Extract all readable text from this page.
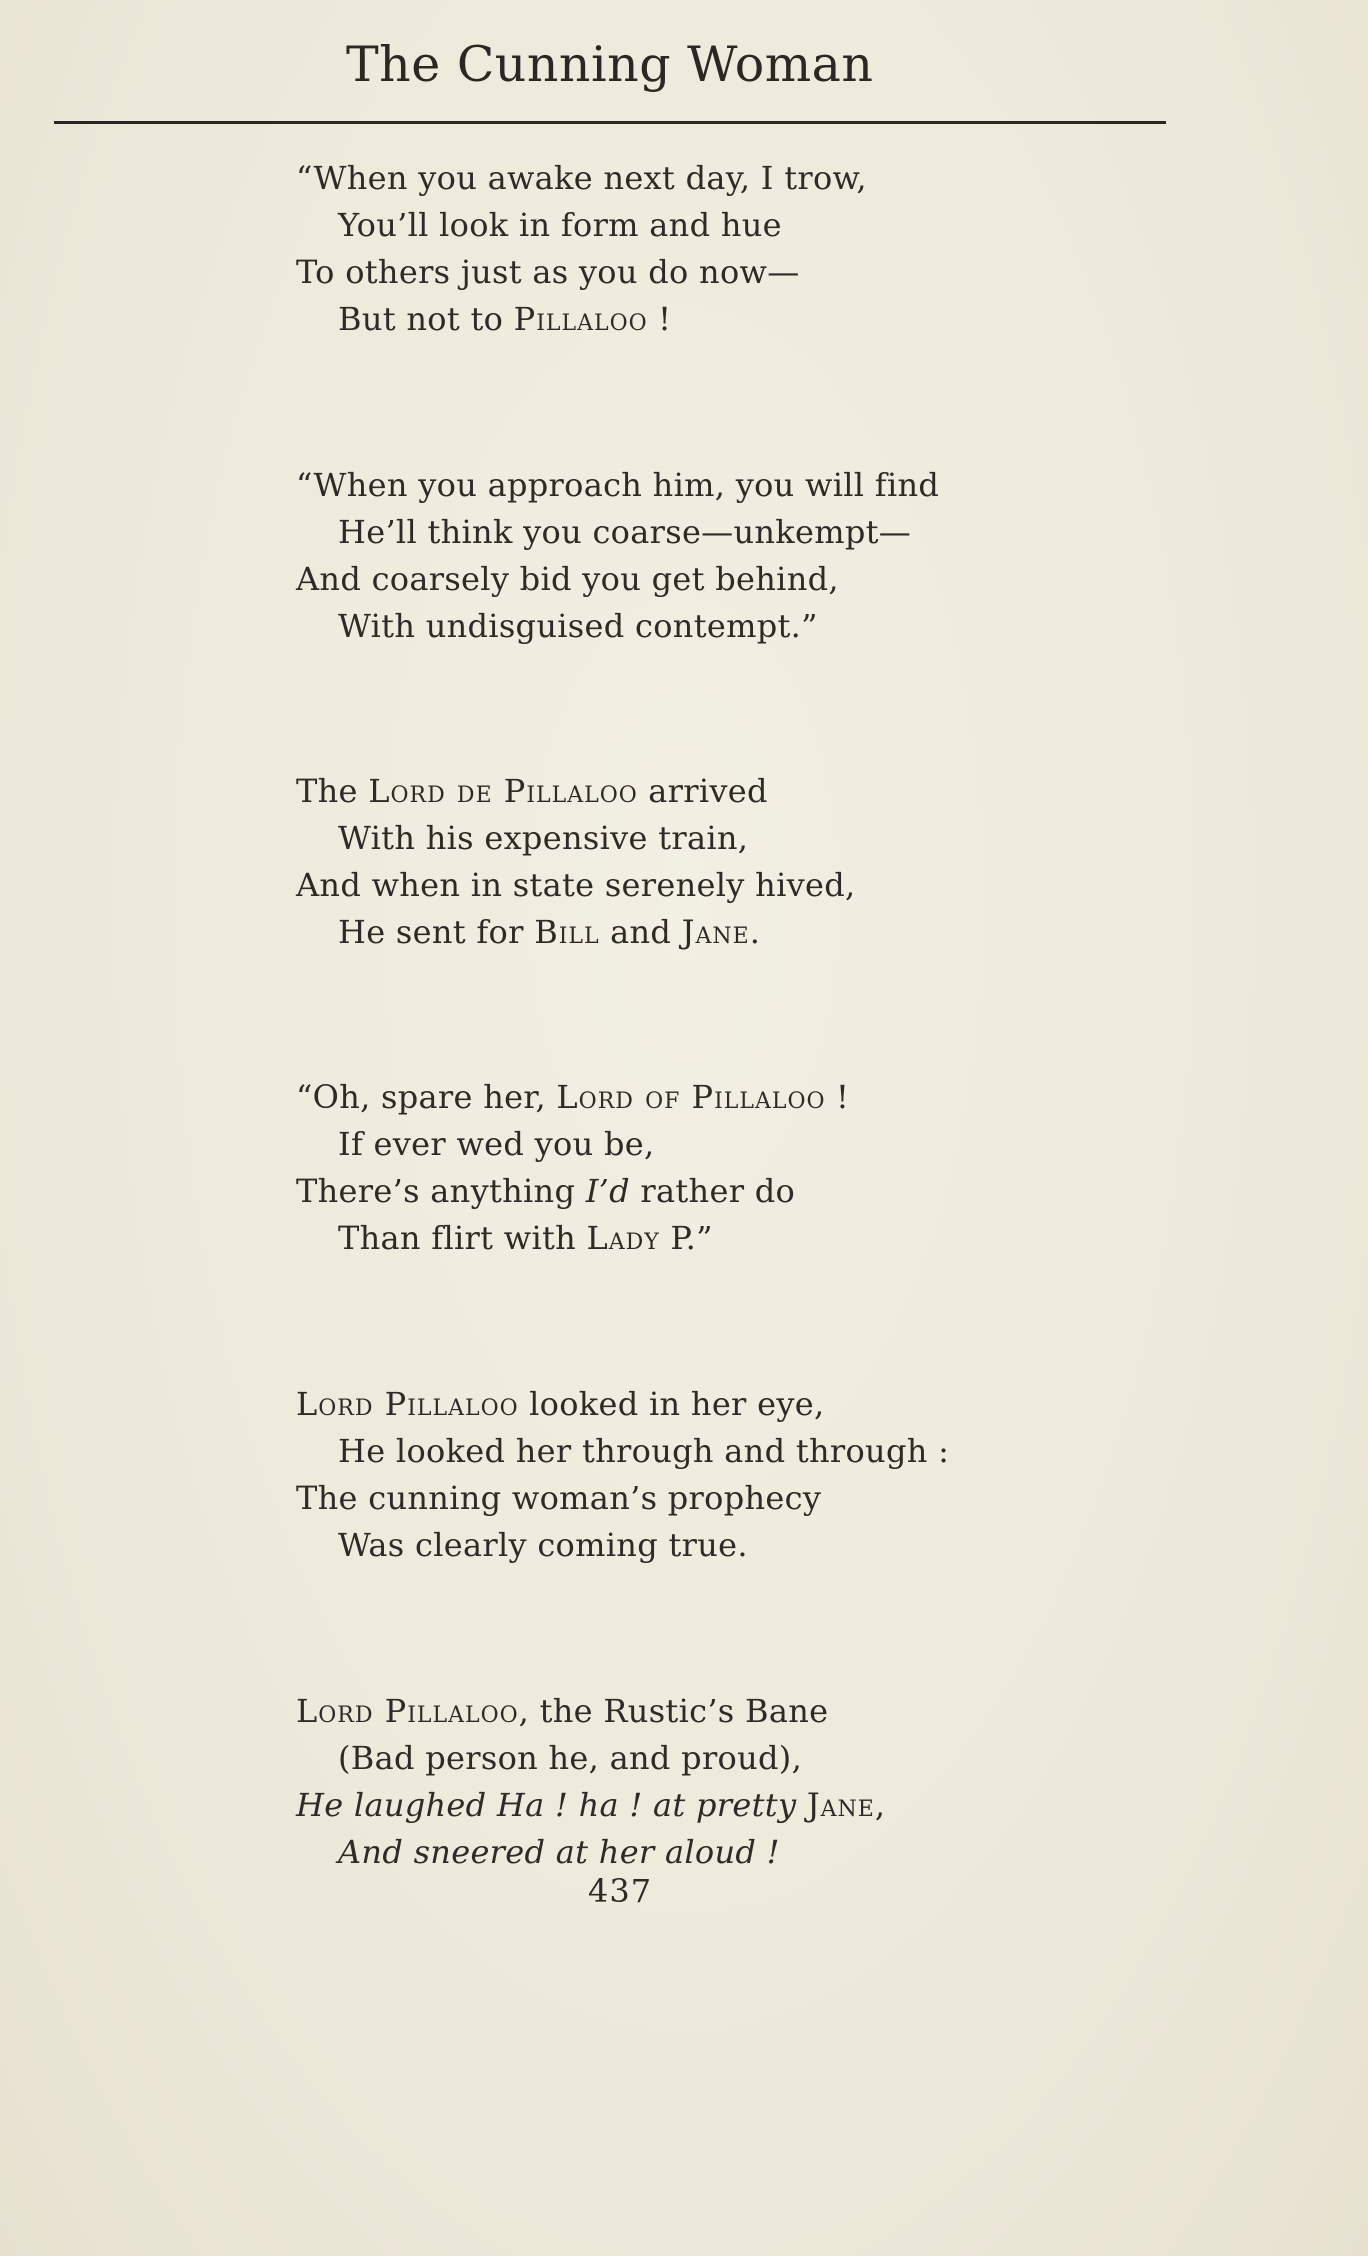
The Cunning Woman
“When you awake next day, I trow,
You’ll look in form and hue
To others just as you do now—
But not to Pillaloo !
“When you approach him, you will find
He’ll think you coarse—unkempt—
And coarsely bid you get behind,
With undisguised contempt.”
The Lord de Pillaloo arrived
With his expensive train,
And when in state serenely hived,
He sent for Bill and Jane.
“Oh, spare her, Lord of Pillaloo !
If ever wed you be,
There’s anything I’d rather do
Than flirt with Lady P.”
Lord Pillaloo looked in her eye,
He looked her through and through :
The cunning woman’s prophecy
Was clearly coming true.
Lord Pillaloo, the Rustic’s Bane
(Bad person he, and proud),
He laughed Ha ! ha ! at pretty Jane,
And sneered at her aloud !
437
